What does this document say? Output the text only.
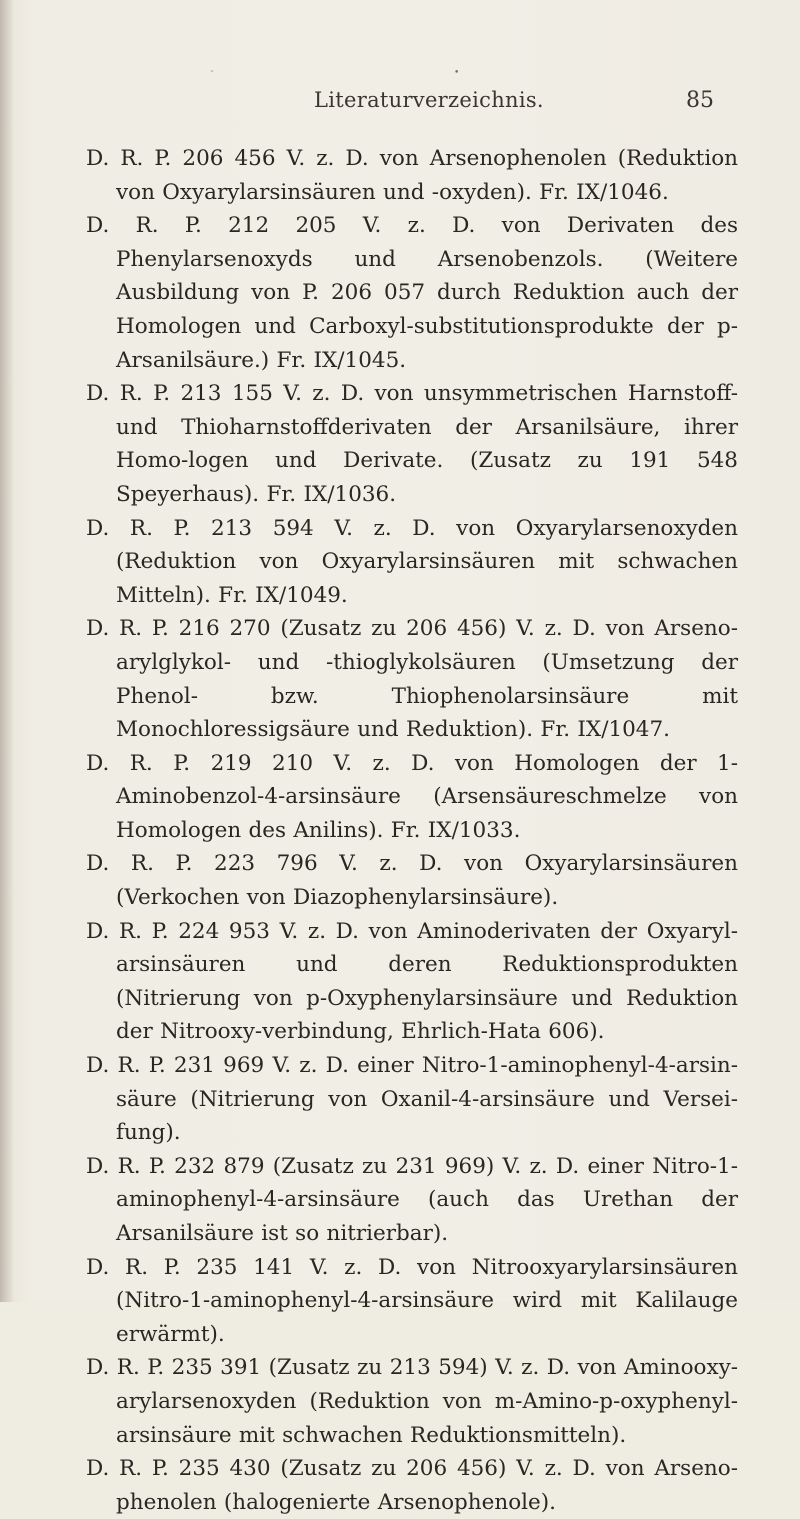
˜	•
Literaturverzeichnis.	85
D. R. P. 206 456 V. z. D. von Arsenophenolen (Reduktion von Oxyarylarsinsäuren und -oxyden). Fr. IX/1046.
D. R. P. 212 205 V. z. D. von Derivaten des Phenylarsenoxyds und Arsenobenzols. (Weitere Ausbildung von P. 206 057 durch Reduktion auch der Homologen und Carboxyl-substitutionsprodukte der p-Arsanilsäure.) Fr. IX/1045.
D. R. P. 213 155 V. z. D. von unsymmetrischen Harnstoff- und Thioharnstoffderivaten der Arsanilsäure, ihrer Homo-logen und Derivate. (Zusatz zu 191 548 Speyerhaus). Fr. IX/1036.
D. R. P. 213 594 V. z. D. von Oxyarylarsenoxyden (Reduktion von Oxyarylarsinsäuren mit schwachen Mitteln). Fr. IX/1049.
D. R. P. 216 270 (Zusatz zu 206 456) V. z. D. von Arseno-arylglykol- und -thioglykolsäuren (Umsetzung der Phenol- bzw. Thiophenolarsinsäure mit Monochloressigsäure und Reduktion). Fr. IX/1047.
D. R. P. 219 210 V. z. D. von Homologen der 1-Aminobenzol-4-arsinsäure (Arsensäureschmelze von Homologen des Anilins). Fr. IX/1033.
D. R. P. 223 796 V. z. D. von Oxyarylarsinsäuren (Verkochen von Diazophenylarsinsäure).
D. R. P. 224 953 V. z. D. von Aminoderivaten der Oxyaryl-arsinsäuren und deren Reduktionsprodukten (Nitrierung von p-Oxyphenylarsinsäure und Reduktion der Nitrooxy-verbindung, Ehrlich-Hata 606).
D. R. P. 231 969 V. z. D. einer Nitro-1-aminophenyl-4-arsin-säure (Nitrierung von Oxanil-4-arsinsäure und Versei-fung).
D. R. P. 232 879 (Zusatz zu 231 969) V. z. D. einer Nitro-1-aminophenyl-4-arsinsäure (auch das Urethan der Arsanilsäure ist so nitrierbar).
D. R. P. 235 141 V. z. D. von Nitrooxyarylarsinsäuren (Nitro-1-aminophenyl-4-arsinsäure wird mit Kalilauge erwärmt).
D. R. P. 235 391 (Zusatz zu 213 594) V. z. D. von Aminooxy-arylarsenoxyden (Reduktion von m-Amino-p-oxyphenyl-arsinsäure mit schwachen Reduktionsmitteln).
D. R. P. 235 430 (Zusatz zu 206 456) V. z. D. von Arseno-phenolen (halogenierte Arsenophenole).
